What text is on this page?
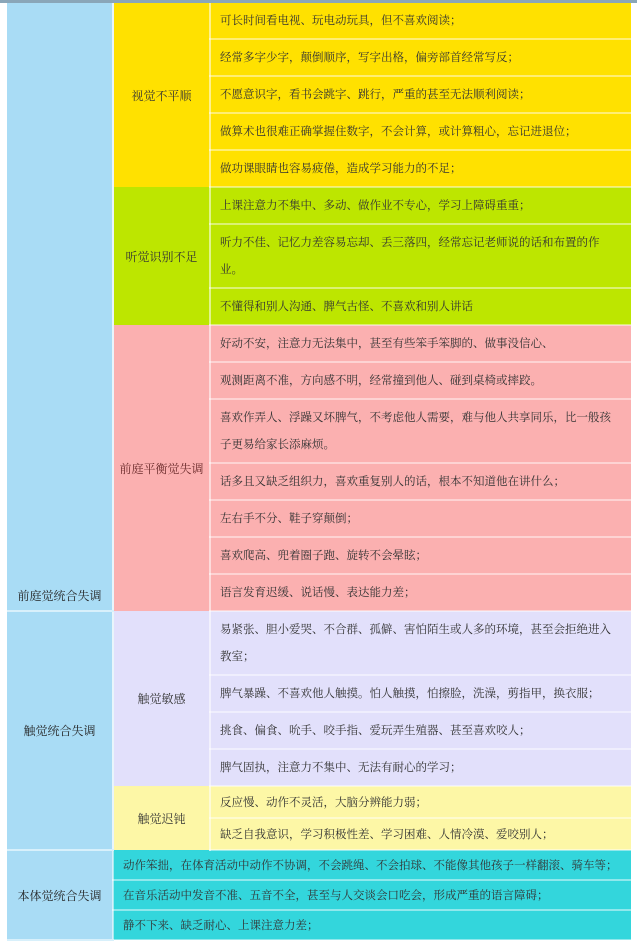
前庭觉统合失调	视觉不平顺	可长时间看电视、玩电动玩具，但不喜欢阅读；
		经常多字少字，颠倒顺序，写字出格，偏旁部首经常写反；
		不愿意识字，看书会跳字、跳行，严重的甚至无法顺利阅读；
		做算术也很难正确掌握住数字，不会计算，或计算粗心，忘记进退位；
		做功课眼睛也容易疲倦，造成学习能力的不足；
	听觉识别不足	上课注意力不集中、多动、做作业不专心，学习上障碍重重；
		听力不佳、记忆力差容易忘却、丢三落四，经常忘记老师说的话和布置的作业。
		不懂得和别人沟通、脾气古怪、不喜欢和别人讲话
	前庭平衡觉失调	好动不安，注意力无法集中，甚至有些笨手笨脚的、做事没信心、
		观测距离不准，方向感不明，经常撞到他人、碰到桌椅或摔跤。
		喜欢作弄人、浮躁又坏脾气，不考虑他人需要，难与他人共享同乐，比一般孩子更易给家长添麻烦。
		话多且又缺乏组织力，喜欢重复别人的话，根本不知道他在讲什么；
		左右手不分、鞋子穿颠倒；
		喜欢爬高、兜着圈子跑、旋转不会晕眩；
		语言发育迟缓、说话慢、表达能力差；
触觉统合失调	触觉敏感	易紧张、胆小爱哭、不合群、孤僻、害怕陌生或人多的环境，甚至会拒绝进入教室；
		脾气暴躁、不喜欢他人触摸。怕人触摸，怕擦脸，洗澡，剪指甲，换衣服；
		挑食、偏食、吮手、咬手指、爱玩弄生殖器、甚至喜欢咬人；
		脾气固执，注意力不集中、无法有耐心的学习；
	触觉迟钝	反应慢、动作不灵活，大脑分辨能力弱；
		缺乏自我意识，学习积极性差、学习困难、人情冷漠、爱咬别人；
本体觉统合失调	动作笨拙，在体育活动中动作不协调，不会跳绳、不会拍球、不能像其他孩子一样翻滚、骑车等；	
	在音乐活动中发音不准、五音不全，甚至与人交谈会口吃会，形成严重的语言障碍；	
	静不下来、缺乏耐心、上课注意力差；	
